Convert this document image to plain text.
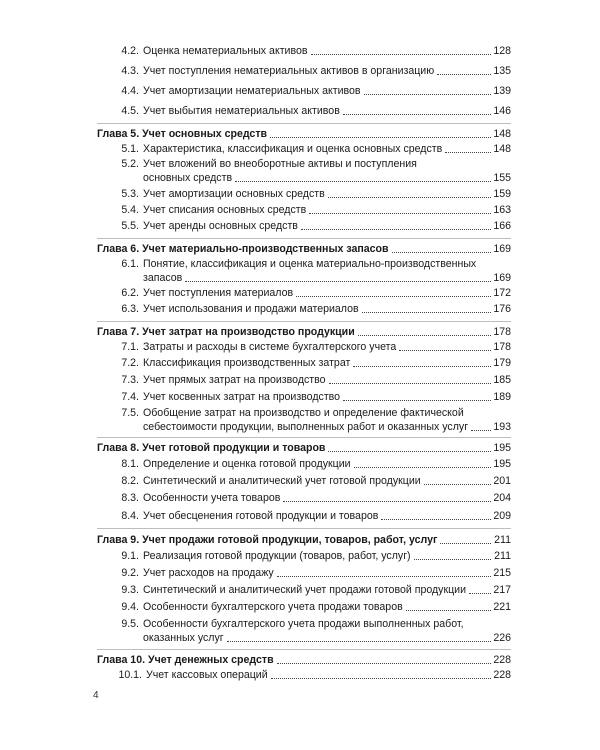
4.2. Оценка нематериальных активов	128
4.3. Учет поступления нематериальных активов в организацию	135
4.4. Учет амортизации нематериальных активов	139
4.5. Учет выбытия нематериальных активов	146
Глава 5. Учет основных средств	148
5.1. Характеристика, классификация и оценка основных средств	148
5.2. Учет вложений во внеоборотные активы и поступления
основных средств	155
5.3. Учет амортизации основных средств	159
5.4. Учет списания основных средств	163
5.5. Учет аренды основных средств	166
Глава 6. Учет материально-производственных запасов	169
6.1. Понятие, классификация и оценка материально-производственных
запасов	169
6.2. Учет поступления материалов	172
6.3. Учет использования и продажи материалов	176
Глава 7. Учет затрат на производство продукции	178
7.1. Затраты и расходы в системе бухгалтерского учета	178
7.2. Классификация производственных затрат	179
7.3. Учет прямых затрат на производство	185
7.4. Учет косвенных затрат на производство	189
7.5. Обобщение затрат на производство и определение фактической
себестоимости продукции, выполненных работ и оказанных услуг 193
Глава 8. Учет готовой продукции и товаров	195
8.1. Определение и оценка готовой продукции	195
8.2. Синтетический и аналитический учет готовой продукции	201
8.3. Особенности учета товаров	204
8.4. Учет обесценения готовой продукции и товаров	209
Глава 9. Учет продажи готовой продукции, товаров, работ, услуг	211
9.1. Реализация готовой продукции (товаров, работ, услуг)	211
9.2. Учет расходов на продажу	215
9.3. Синтетический и аналитический учет продажи готовой продукции	217
9.4. Особенности бухгалтерского учета продажи товаров	221
9.5. Особенности бухгалтерского учета продажи выполненных работ,
оказанных услуг	226
Глава 10. Учет денежных средств	228
10.1. Учет кассовых операций	228
4
